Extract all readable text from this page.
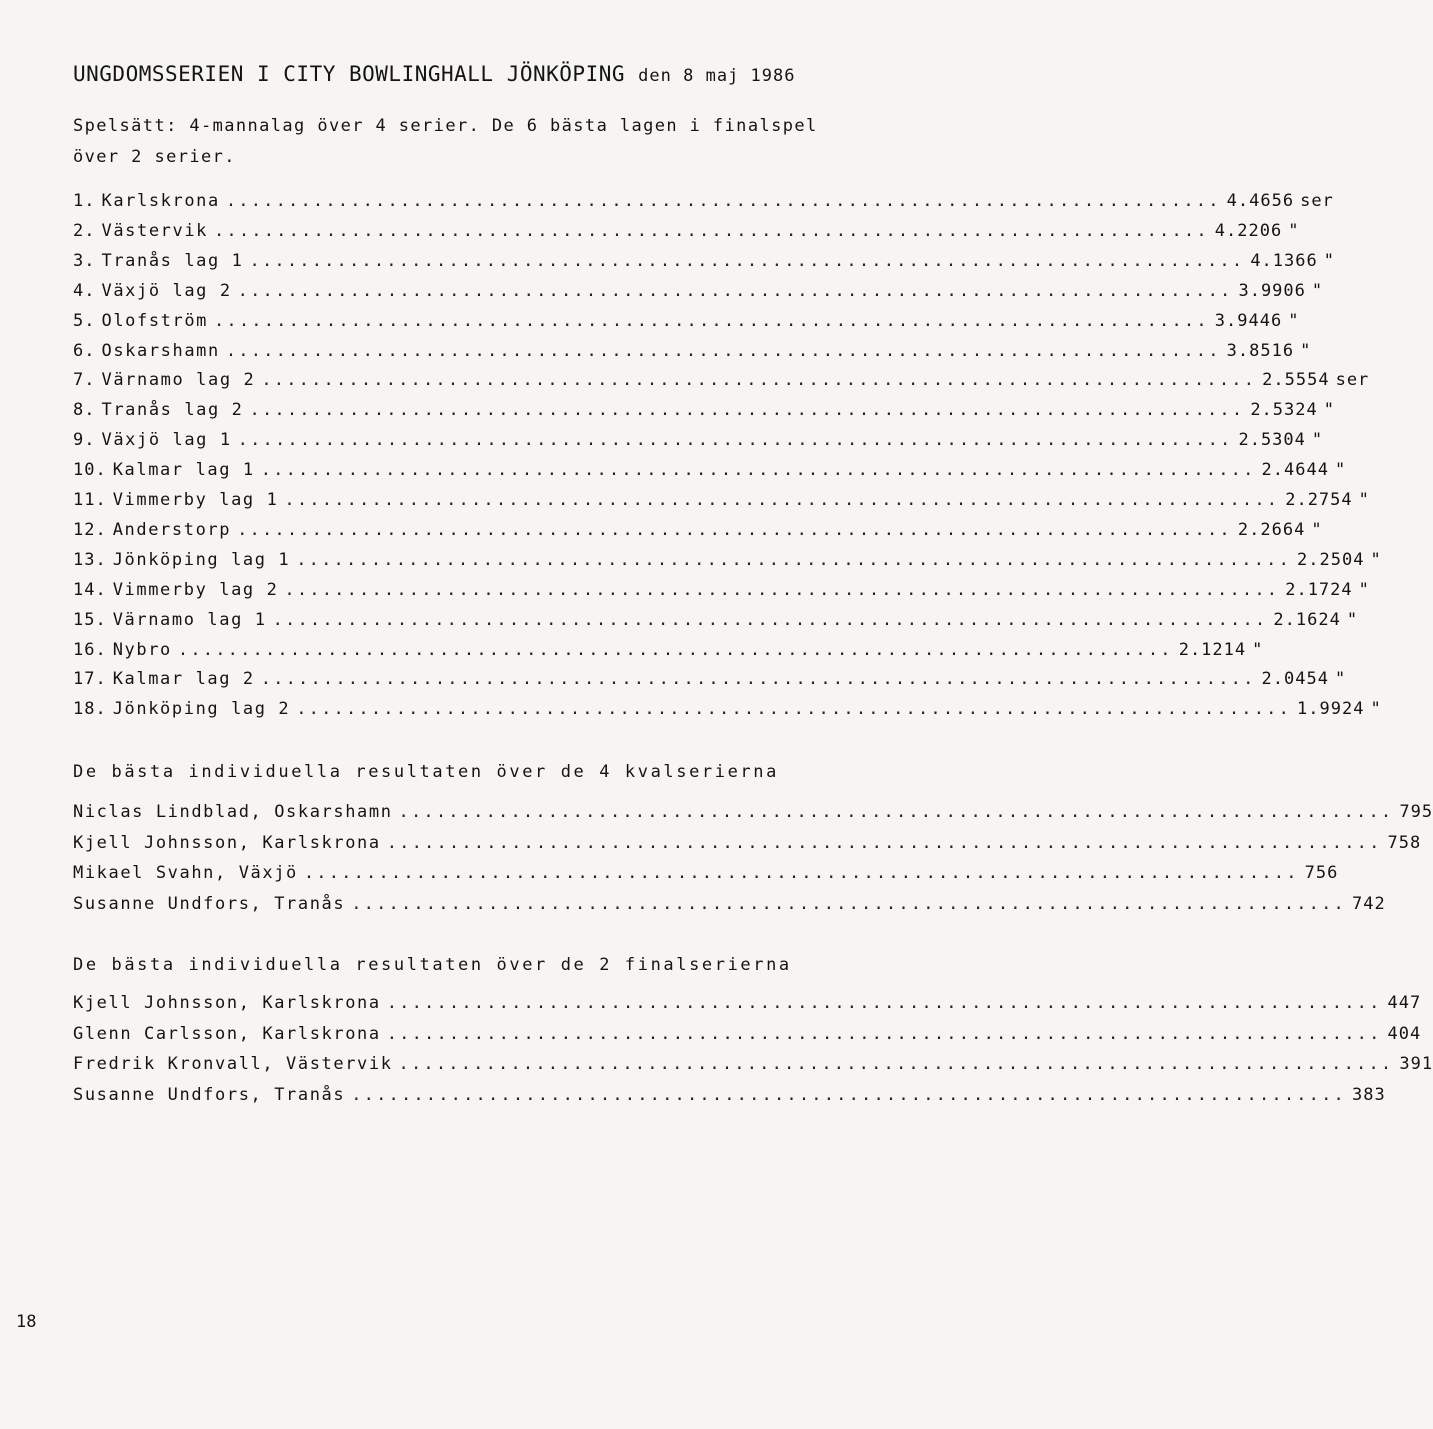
UNGDOMSSERIEN I CITY BOWLINGHALL JÖNKÖPING den 8 maj 1986
Spelsätt: 4-mannalag över 4 serier. De 6 bästa lagen i finalspel
över 2 serier.
1. Karlskrona ................................................................................ 4.465 6 ser
2. Västervik ................................................................................ 4.220 6 "
3. Tranås lag 1 ................................................................................ 4.136 6 "
4. Växjö lag 2 ................................................................................ 3.990 6 "
5. Olofström ................................................................................ 3.944 6 "
6. Oskarshamn ................................................................................ 3.851 6 "
7. Värnamo lag 2 ................................................................................ 2.555 4 ser
8. Tranås lag 2 ................................................................................ 2.532 4 "
9. Växjö lag 1 ................................................................................ 2.530 4 "
10. Kalmar lag 1 ................................................................................ 2.464 4 "
11. Vimmerby lag 1 ................................................................................ 2.275 4 "
12. Anderstorp ................................................................................ 2.266 4 "
13. Jönköping lag 1 ................................................................................ 2.250 4 "
14. Vimmerby lag 2 ................................................................................ 2.172 4 "
15. Värnamo lag 1 ................................................................................ 2.162 4 "
16. Nybro ................................................................................ 2.121 4 "
17. Kalmar lag 2 ................................................................................ 2.045 4 "
18. Jönköping lag 2 ................................................................................ 1.992 4 "
De bästa individuella resultaten över de 4 kvalserierna
Niclas Lindblad, Oskarshamn ................................................................................ 795
Kjell Johnsson, Karlskrona ................................................................................ 758
Mikael Svahn, Växjö ................................................................................ 756
Susanne Undfors, Tranås ................................................................................ 742
De bästa individuella resultaten över de 2 finalserierna
Kjell Johnsson, Karlskrona ................................................................................ 447
Glenn Carlsson, Karlskrona ................................................................................ 404
Fredrik Kronvall, Västervik ................................................................................ 391
Susanne Undfors, Tranås ................................................................................ 383
18
